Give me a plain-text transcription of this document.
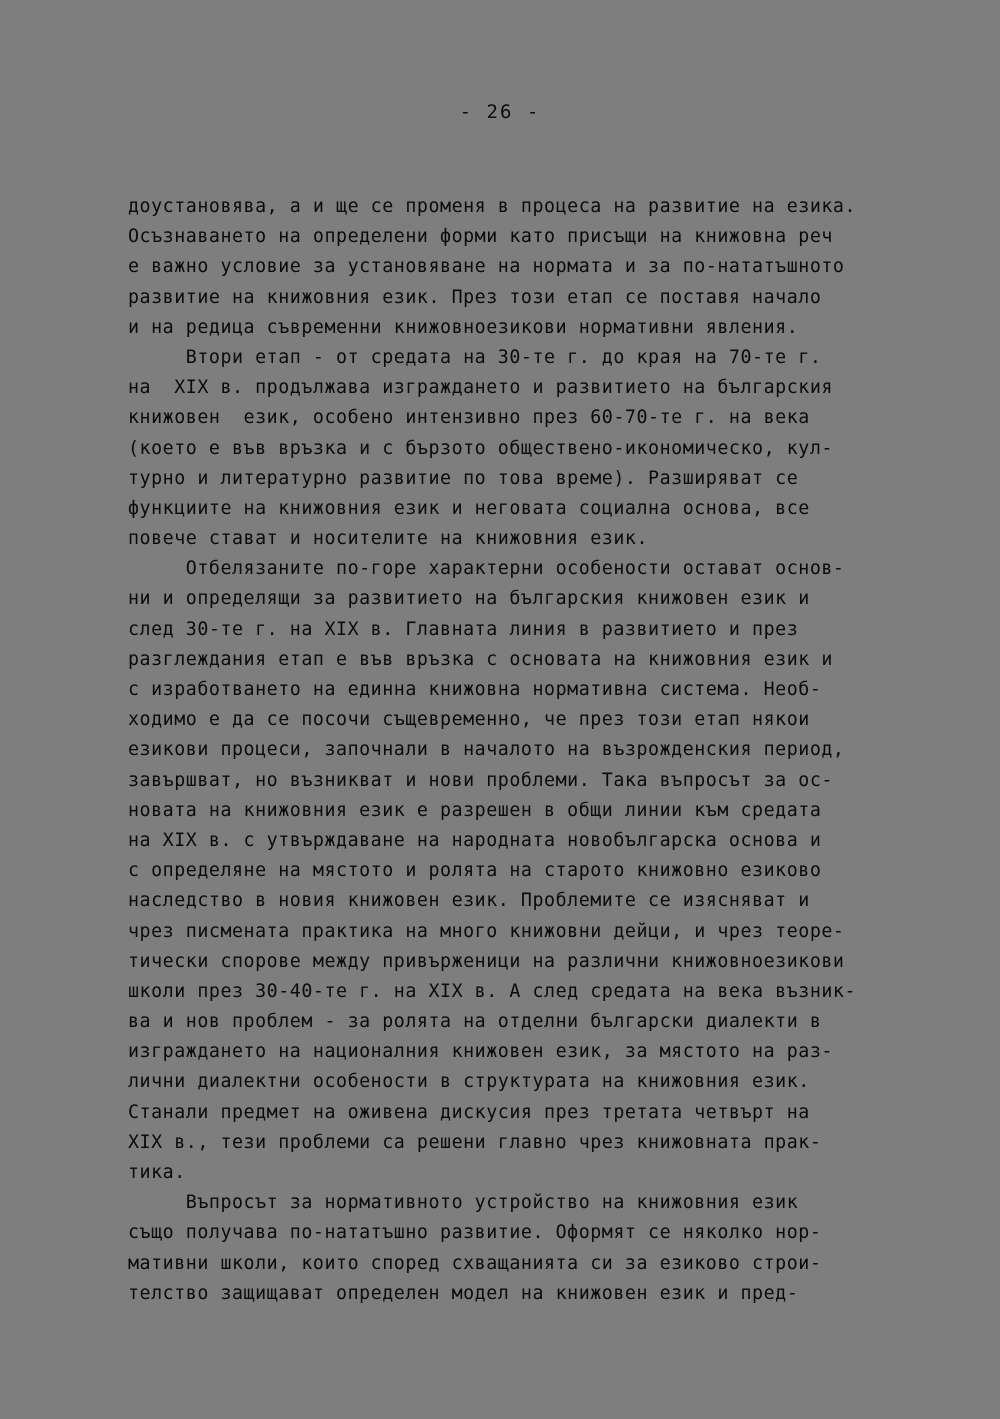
- 26 -
доустановява, а и ще се променя в процеса на развитие на езика.
Осъзнаването на определени форми като присъщи на книжовна реч
е важно условие за установяване на нормата и за по-нататъшното
развитие на книжовния език. През този етап се поставя начало
и на редица съвременни книжовноезикови нормативни явления.
Втори етап - от средата на 30-те г. до края на 70-те г.
на  XIX в. продължава изграждането и развитието на българския
книжовен  език, особено интензивно през 60-70-те г. на века
(което е във връзка и с бързото обществено-икономическо, кул-
турно и литературно развитие по това време). Разширяват се
функциите на книжовния език и неговата социална основа, все
повече стават и носителите на книжовния език.
Отбелязаните по-горе характерни особености остават основ-
ни и определящи за развитието на българския книжовен език и
след 30-те г. на XIX в. Главната линия в развитието и през
разглеждания етап е във връзка с основата на книжовния език и
с изработването на единна книжовна нормативна система. Необ-
ходимо е да се посочи същевременно, че през този етап някои
езикови процеси, започнали в началото на възрожденския период,
завършват, но възникват и нови проблеми. Така въпросът за ос-
новата на книжовния език е разрешен в общи линии към средата
на XIX в. с утвърждаване на народната новобългарска основа и
с определяне на мястото и ролята на старото книжовно езиково
наследство в новия книжовен език. Проблемите се изясняват и
чрез писмената практика на много книжовни дейци, и чрез теоре-
тически спорове между привърженици на различни книжовноезикови
школи през 30-40-те г. на XIX в. А след средата на века възник-
ва и нов проблем - за ролята на отделни български диалекти в
изграждането на националния книжовен език, за мястото на раз-
лични диалектни особености в структурата на книжовния език.
Станали предмет на оживена дискусия през третата четвърт на
XIX в., тези проблеми са решени главно чрез книжовната прак-
тика.
Въпросът за нормативното устройство на книжовния език
също получава по-нататъшно развитие. Оформят се няколко нор-
мативни школи, които според схващанията си за езиково строи-
телство защищават определен модел на книжовен език и пред-
